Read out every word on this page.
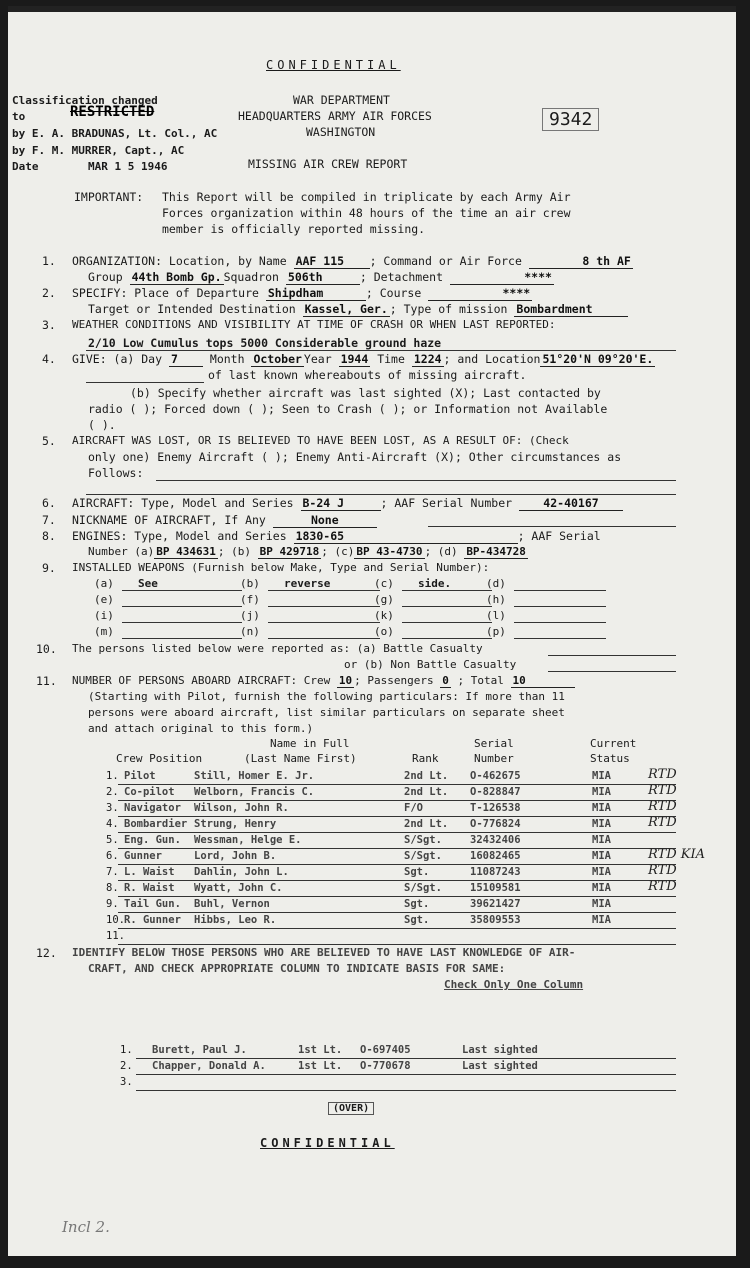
CONFIDENTIAL
Classification changed
to	RESTRICTED
by E. A. BRADUNAS, Lt. Col., AC
by F. M. MURRER, Capt., AC
Date	MAR 1 5 1946
WAR DEPARTMENT
HEADQUARTERS ARMY AIR FORCES
WASHINGTON
MISSING AIR CREW REPORT
9342
IMPORTANT: This Report will be compiled in triplicate by each Army Air
Forces organization within 48 hours of the time an air crew
member is officially reported missing.
1. ORGANIZATION: Location, by Name AAF 115 ; Command or Air Force	8 th AF
Group 44th Bomb Gp. Squadron 506th	; Detachment	****
2. SPECIFY: Place of Departure Shipdham	; Course	****
Target or Intended Destination Kassel, Ger. ; Type of mission Bombardment
3. WEATHER CONDITIONS AND VISIBILITY AT TIME OF CRASH OR WHEN LAST REPORTED:
2/10 Low Cumulus tops 5000 Considerable ground haze
4. GIVE: (a) Day 7	Month October Year 1944 Time 1224 ; and Location 51°20'N 09°20'E.
of last known whereabouts of missing aircraft.
(b) Specify whether aircraft was last sighted (X); Last contacted by
radio ( ); Forced down ( ); Seen to Crash ( ); or Information not Available
( ).
5. AIRCRAFT WAS LOST, OR IS BELIEVED TO HAVE BEEN LOST, AS A RESULT OF: (Check
only one) Enemy Aircraft ( ); Enemy Anti-Aircraft (X); Other circumstances as
Follows:
6. AIRCRAFT: Type, Model and Series B-24 J	; AAF Serial Number	42-40167
7. NICKNAME OF AIRCRAFT, If Any	None
8. ENGINES: Type, Model and Series 1830-65	; AAF Serial
Number (a) BP 434631 ; (b) BP 429718 ; (c) BP 43-4730 ; (d) BP-434728
9. INSTALLED WEAPONS (Furnish below Make, Type and Serial Number):
(a) See	(b) reverse	(c) side.	(d)
(e)	(f)	(g)	(h)
(i)	(j)	(k)	(l)
(m)	(n)	(o)	(p)
10. The persons listed below were reported as: (a) Battle Casualty
or (b) Non Battle Casualty
11. NUMBER OF PERSONS ABOARD AIRCRAFT: Crew 10 ; Passengers 0 ; Total 10
(Starting with Pilot, furnish the following particulars: If more than 11
persons were aboard aircraft, list similar particulars on separate sheet
and attach original to this form.)
Name in Full	Serial	Current
Crew Position	(Last Name First)	Rank	Number	Status
1. Pilot	Still, Homer E. Jr.	2nd Lt. O-462675	MIA	RTD
2. Co-pilot Welborn, Francis C.	2nd Lt. O-828847	MIA	RTD
3. Navigator Wilson, John R.	F/O	T-126538	MIA	RTD
4. Bombardier Strung, Henry	2nd Lt. O-776824	MIA	RTD
5. Eng. Gun. Wessman, Helge E.	S/Sgt.	32432406	MIA
6. Gunner	Lord, John B.	S/Sgt.	16082465	MIA	RTD KIA
7. L. Waist Dahlin, John L.	Sgt.	11087243	MIA	RTD
8. R. Waist Wyatt, John C.	S/Sgt.	15109581	MIA	RTD
9. Tail Gun. Buhl, Vernon	Sgt.	39621427	MIA
10. R. Gunner Hibbs, Leo R.	Sgt.	35809553	MIA
11.
12. IDENTIFY BELOW THOSE PERSONS WHO ARE BELIEVED TO HAVE LAST KNOWLEDGE OF AIR-
CRAFT, AND CHECK APPROPRIATE COLUMN TO INDICATE BASIS FOR SAME:
Check Only One Column
1. Burett, Paul J.	1st Lt. O-697405	Last sighted
2. Chapper, Donald A.	1st Lt. O-770678	Last sighted
3.
(OVER)
CONFIDENTIAL
Incl 2.
